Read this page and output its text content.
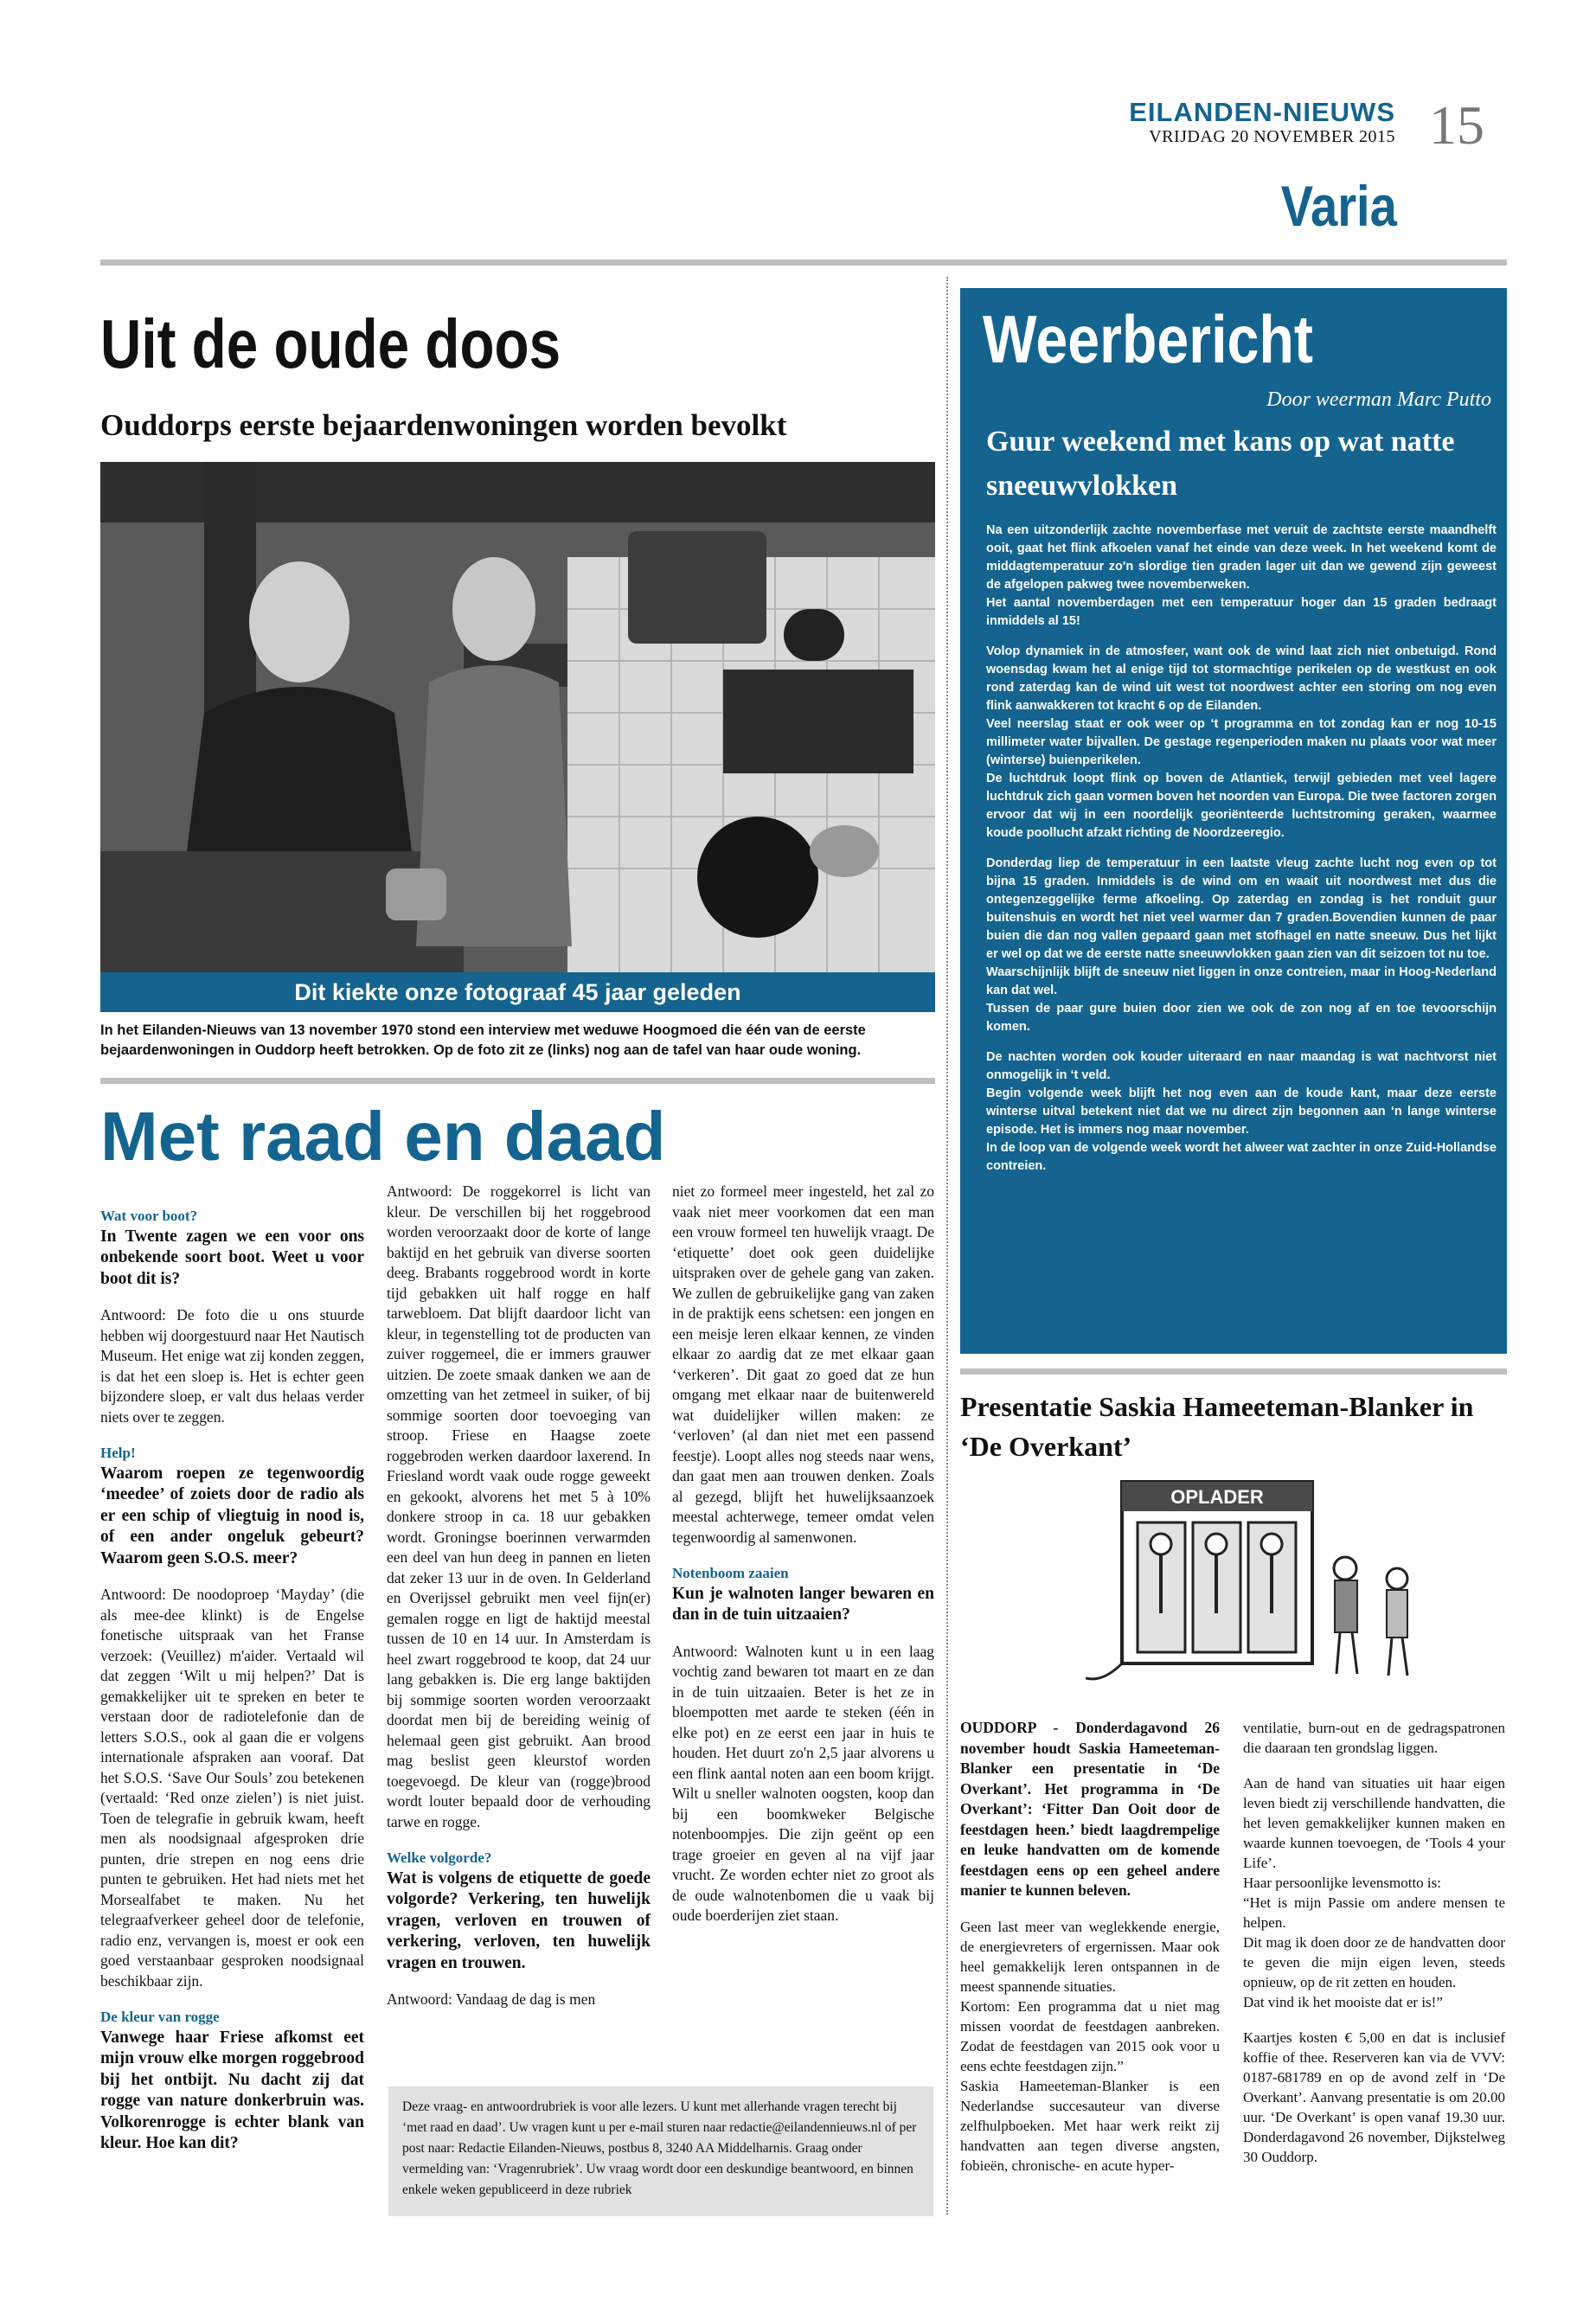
EILANDEN-NIEUWS
VRIJDAG 20 NOVEMBER 2015 15
Varia
Uit de oude doos
Ouddorps eerste bejaardenwoningen worden bevolkt
Dit kiektе onze fotograaf 45 jaar geleden
In het Eilanden-Nieuws van 13 november 1970 stond een interview met weduwe Hoogmoed die één van de eerste bejaardenwoningen in Ouddorp heeft betrokken. Op de foto zit ze (links) nog aan de tafel van haar oude woning.
Met raad en daad
Wat voor boot?
In Twente zagen we een voor ons onbekende soort boot. Weet u voor boot dit is?

Antwoord: De foto die u ons stuurde hebben wij doorgestuurd naar Het Nautisch Museum. Het enige wat zij konden zeggen, is dat het een sloep is. Het is echter geen bijzondere sloep, er valt dus helaas verder niets over te zeggen.

Help!
Waarom roepen ze tegenwoordig ‘meedee’ of zoiets door de radio als er een schip of vliegtuig in nood is, of een ander ongeluk gebeurt? Waarom geen S.O.S. meer?

Antwoord: De noodoproep ‘Mayday’ (die als mee-dee klinkt) is de Engelse fonetische uitspraak van het Franse verzoek: (Veuillez) m'aider. Vertaald wil dat zeggen ‘Wilt u mij helpen?’ Dat is gemakkelijker uit te spreken en beter te verstaan door de radiotelefonie dan de letters S.O.S., ook al gaan die er volgens internationale afspraken aan vooraf. Dat het S.O.S. ‘Save Our Souls’ zou betekenen (vertaald: ‘Red onze zielen’) is niet juist. Toen de telegrafie in gebruik kwam, heeft men als noodsignaal afgesproken drie punten, drie strepen en nog eens drie punten te gebruiken. Het had niets met het Morsealfabet te maken. Nu het telegraafverkeer geheel door de telefonie, radio enz, vervangen is, moest er ook een goed verstaanbaar gesproken noodsignaal beschikbaar zijn.

De kleur van rogge
Vanwege haar Friese afkomst eet mijn vrouw elke morgen roggebrood bij het ontbijt. Nu dacht zij dat rogge van nature donkerbruin was. Volkorenrogge is echter blank van kleur. Hoe kan dit?

Antwoord: De roggekorrel is licht van kleur. De verschillen bij het roggebrood worden veroorzaakt door de korte of lange baktijd en het gebruik van diverse soorten deeg. Brabants roggebrood wordt in korte tijd gebakken uit half rogge en half tarwebloem. Dat blijft daardoor licht van kleur, in tegenstelling tot de producten van zuiver roggemeel, die er immers grauwer uitzien. De zoete smaak danken we aan de omzetting van het zetmeel in suiker, of bij sommige soorten door toevoeging van stroop. Friese en Haagse zoete roggebroden werken daardoor laxerend. In Friesland wordt vaak oude rogge geweekt en gekookt, alvorens het met 5 à 10% donkere stroop in ca. 18 uur gebakken wordt. Groningse boerinnen verwarmden een deel van hun deeg in pannen en lieten dat zeker 13 uur in de oven. In Gelderland en Overijssel gebruikt men veel fijn(er) gemalen rogge en ligt de haktijd meestal tussen de 10 en 14 uur. In Amsterdam is heel zwart roggebrood te koop, dat 24 uur lang gebakken is. Die erg lange baktijden bij sommige soorten worden veroorzaakt doordat men bij de bereiding weinig of helemaal geen gist gebruikt. Aan brood mag beslist geen kleurstof worden toegevoegd. De kleur van (rogge)brood wordt louter bepaald door de verhouding tarwe en rogge.

Welke volgorde?
Wat is volgens de etiquette de goede volgorde? Verkering, ten huwelijk vragen, verloven en trouwen of verkering, verloven, ten huwelijk vragen en trouwen.

Antwoord: Vandaag de dag is men

niet zo formeel meer ingesteld, het zal zo vaak niet meer voorkomen dat een man een vrouw formeel ten huwelijk vraagt. De ‘etiquette’ doet ook geen duidelijke uitspraken over de gehele gang van zaken. We zullen de gebruikelijke gang van zaken in de praktijk eens schetsen: een jongen en een meisje leren elkaar kennen, ze vinden elkaar zo aardig dat ze met elkaar gaan ‘verkeren’. Dit gaat zo goed dat ze hun omgang met elkaar naar de buitenwereld wat duidelijker willen maken: ze ‘verloven’ (al dan niet met een passend feestje). Loopt alles nog steeds naar wens, dan gaat men aan trouwen denken. Zoals al gezegd, blijft het huwelijksaanzoek meestal achterwege, temeer omdat velen tegenwoordig al samenwonen.

Notenboom zaaien
Kun je walnoten langer bewaren en dan in de tuin uitzaaien?

Antwoord: Walnoten kunt u in een laag vochtig zand bewaren tot maart en ze dan in de tuin uitzaaien. Beter is het ze in bloempotten met aarde te steken (één in elke pot) en ze eerst een jaar in huis te houden. Het duurt zo'n 2,5 jaar alvorens u een flink aantal noten aan een boom krijgt. Wilt u sneller walnoten oogsten, koop dan bij een boomkweker Belgische notenboompjes. Die zijn geënt op een trage groeier en geven al na vijf jaar vrucht. Ze worden echter niet zo groot als de oude walnotenbomen die u vaak bij oude boerderijen ziet staan.

Deze vraag- en antwoordrubriek is voor alle lezers. U kunt met allerhande vragen terecht bij ‘met raad en daad’. Uw vragen kunt u per e-mail sturen naar redactie@eilandennieuws.nl of per post naar: Redactie Eilanden-Nieuws, postbus 8, 3240 AA Middelharnis. Graag onder vermelding van: ‘Vragenrubriek’. Uw vraag wordt door een deskundige beantwoord, en binnen enkele weken gepubliceerd in deze rubriek

Weerbericht
Door weerman Marc Putto
Guur weekend met kans op wat natte sneeuwvlokken

Na een uitzonderlijk zachte novemberfase met veruit de zachtste eerste maandhelft ooit, gaat het flink afkoelen vanaf het einde van deze week. In het weekend komt de middagtemperatuur zo'n slordige tien graden lager uit dan we gewend zijn geweest de afgelopen pakweg twee novemberweken.

Het aantal novemberdagen met een temperatuur hoger dan 15 graden bedraagt inmiddels al 15!

Volop dynamiek in de atmosfeer, want ook de wind laat zich niet onbetuigd. Rond woensdag kwam het al enige tijd tot stormachtige perikelen op de westkust en ook rond zaterdag kan de wind uit west tot noordwest achter een storing om nog even flink aanwakkeren tot kracht 6 op de Eilanden.

Veel neerslag staat er ook weer op ‘t programma en tot zondag kan er nog 10-15 millimeter water bijvallen. De gestage regenperioden maken nu plaats voor wat meer (winterse) buienperikelen.

De luchtdruk loopt flink op boven de Atlantiek, terwijl gebieden met veel lagere luchtdruk zich gaan vormen boven het noorden van Europa. Die twee factoren zorgen ervoor dat wij in een noordelijk georiënteerde luchtstroming geraken, waarmee koude poollucht afzakt richting de Noordzeeregio.

Donderdag liep de temperatuur in een laatste vleug zachte lucht nog even op tot bijna 15 graden. Inmiddels is de wind om en waait uit noordwest met dus die ontegenzeggelijke ferme afkoeling. Op zaterdag en zondag is het ronduit guur buitenshuis en wordt het niet veel warmer dan 7 graden.Bovendien kunnen de paar buien die dan nog vallen gepaard gaan met stofhagel en natte sneeuw. Dus het lijkt er wel op dat we de eerste natte sneeuwvlokken gaan zien van dit seizoen tot nu toe.

Waarschijnlijk blijft de sneeuw niet liggen in onze contreien, maar in Hoog-Nederland kan dat wel.

Tussen de paar gure buien door zien we ook de zon nog af en toe tevoorschijn komen.

De nachten worden ook kouder uiteraard en naar maandag is wat nachtvorst niet onmogelijk in ‘t veld.

Begin volgende week blijft het nog even aan de koude kant, maar deze eerste winterse uitval betekent niet dat we nu direct zijn begonnen aan ‘n lange winterse episode. Het is immers nog maar november.

In de loop van de volgende week wordt het alweer wat zachter in onze Zuid-Hollandse contreien.

Presentatie Saskia Hameeteman-Blanker in ‘De Overkant’
OPLADER

OUDDORP - Donderdagavond 26 november houdt Saskia Hameeteman-Blanker een presentatie in ‘De Overkant’. Het programma in ‘De Overkant’: ‘Fitter Dan Ooit door de feestdagen heen.’ biedt laagdrempelige en leuke handvatten om de komende feestdagen eens op een geheel andere manier te kunnen beleven.

Geen last meer van weglekkende energie, de energievreters of ergernissen. Maar ook heel gemakkelijk leren ontspannen in de meest spannende situaties.

Kortom: Een programma dat u niet mag missen voordat de feestdagen aanbreken. Zodat de feestdagen van 2015 ook voor u eens echte feestdagen zijn.”

Saskia Hameeteman-Blanker is een Nederlandse succesauteur van diverse zelfhulpboeken. Met haar werk reikt zij handvatten aan tegen diverse angsten, fobieën, chronische- en acute hyper-

ventilatie, burn-out en de gedragspatronen die daaraan ten grondslag liggen.

Aan de hand van situaties uit haar eigen leven biedt zij verschillende handvatten, die het leven gemakkelijker kunnen maken en waarde kunnen toevoegen, de ‘Tools 4 your Life’.

Haar persoonlijke levensmotto is:

“Het is mijn Passie om andere mensen te helpen.

Dit mag ik doen door ze de handvatten door te geven die mijn eigen leven, steeds opnieuw, op de rit zetten en houden.

Dat vind ik het mooiste dat er is!”

Kaartjes kosten € 5,00 en dat is inclusief koffie of thee. Reserveren kan via de VVV: 0187-681789 en op de avond zelf in ‘De Overkant’. Aanvang presentatie is om 20.00 uur. ‘De Overkant’ is open vanaf 19.30 uur. Donderdagavond 26 november, Dijkstelweg 30 Ouddorp.
